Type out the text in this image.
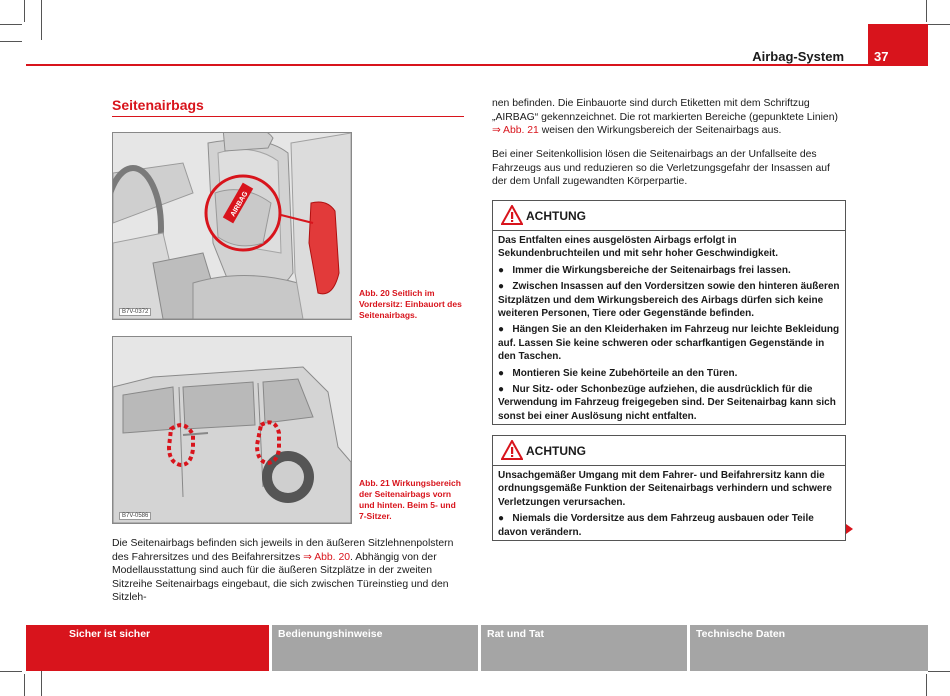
Airbag-System 37
Seitenairbags
AIRBAG
B7V-0372
Abb. 20 Seitlich im Vordersitz: Einbauort des Seitenairbags.
B7V-0586
Abb. 21 Wirkungsbereich der Seitenairbags vorn und hinten. Beim 5- und 7-Sitzer.
Die Seitenairbags befinden sich jeweils in den äußeren Sitzlehnenpolstern des Fahrersitzes und des Beifahrersitzes ⇒ Abb. 20. Abhängig von der Modellausstattung sind auch für die äußeren Sitzplätze in der zweiten Sitzreihe Seitenairbags eingebaut, die sich zwischen Türeinstieg und den Sitzleh-
nen befinden. Die Einbauorte sind durch Etiketten mit dem Schriftzug „AIRBAG“ gekennzeichnet. Die rot markierten Bereiche (gepunktete Linien) ⇒ Abb. 21 weisen den Wirkungsbereich der Seitenairbags aus.
Bei einer Seitenkollision lösen die Seitenairbags an der Unfallseite des Fahrzeugs aus und reduzieren so die Verletzungsgefahr der Insassen auf der dem Unfall zugewandten Körperpartie.
ACHTUNG

Das Entfalten eines ausgelösten Airbags erfolgt in Sekundenbruchteilen und mit sehr hoher Geschwindigkeit.

● Immer die Wirkungsbereiche der Seitenairbags frei lassen.

● Zwischen Insassen auf den Vordersitzen sowie den hinteren äußeren Sitzplätzen und dem Wirkungsbereich des Airbags dürfen sich keine weiteren Personen, Tiere oder Gegenstände befinden.

● Hängen Sie an den Kleiderhaken im Fahrzeug nur leichte Bekleidung auf. Lassen Sie keine schweren oder scharfkantigen Gegenstände in den Taschen.

● Montieren Sie keine Zubehörteile an den Türen.

● Nur Sitz- oder Schonbezüge aufziehen, die ausdrücklich für die Verwendung im Fahrzeug freigegeben sind. Der Seitenairbag kann sich sonst bei einer Auslösung nicht entfalten.

ACHTUNG

Unsachgemäßer Umgang mit dem Fahrer- und Beifahrersitz kann die ordnungsgemäße Funktion der Seitenairbags verhindern und schwere Verletzungen verursachen.

● Niemals die Vordersitze aus dem Fahrzeug ausbauen oder Teile davon verändern.

Sicher ist sicher	Bedienungshinweise	Rat und Tat	Technische Daten
